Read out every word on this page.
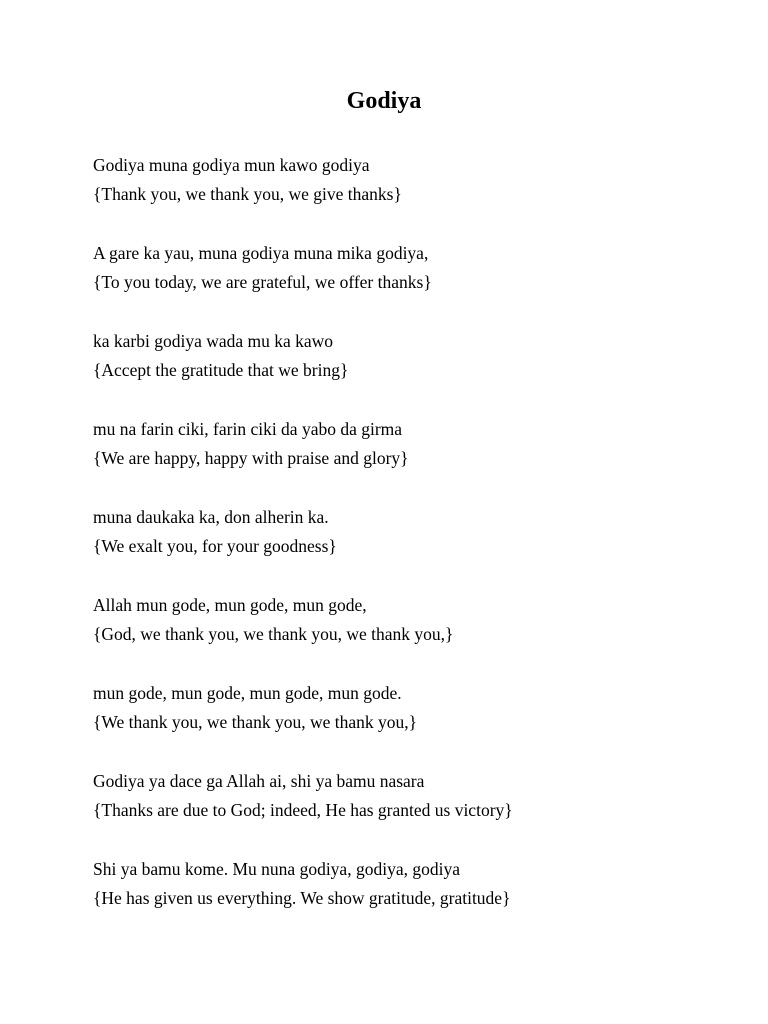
Godiya
Godiya muna godiya mun kawo godiya
{Thank you, we thank you, we give thanks}
A gare ka yau, muna godiya muna mika godiya,
{To you today, we are grateful, we offer thanks}
ka karbi godiya wada mu ka kawo
{Accept the gratitude that we bring}
mu na farin ciki, farin ciki da yabo da girma
{We are happy, happy with praise and glory}
muna daukaka ka, don alherin ka.
{We exalt you, for your goodness}
Allah mun gode, mun gode, mun gode,
{God, we thank you, we thank you, we thank you,}
mun gode, mun gode, mun gode, mun gode.
{We thank you, we thank you, we thank you,}
Godiya ya dace ga Allah ai, shi ya bamu nasara
{Thanks are due to God; indeed, He has granted us victory}
Shi ya bamu kome. Mu nuna godiya, godiya, godiya
{He has given us everything. We show gratitude, gratitude}
